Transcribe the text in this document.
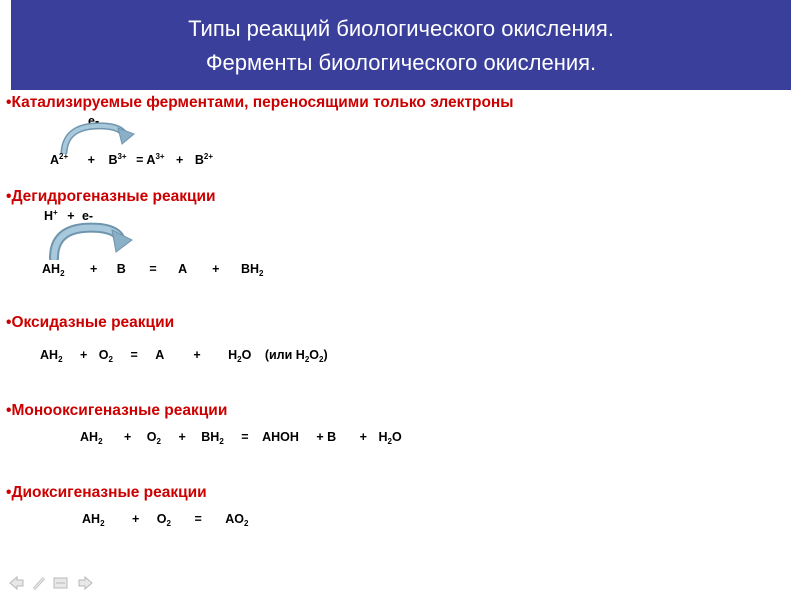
Типы реакций биологического окисления.
Ферменты биологического окисления.
•Катализируемые ферментами, переносящими только электроны
е-
$A^{2+} + B^{3+} = A^{3+} + B^{2+}$
•Дегидрогеназные реакции
H+ + е-
$AH_2 + B = A + BH_2$
•Оксидазные реакции
$AH_2 + O_2 = A + H_2O$ (или $H_2O_2$)
•Монооксигеназные реакции
$AH_2 + O_2 + BH_2$ = AHOH + $B + H_2O$
•Диоксигеназные реакции
$AH_2 + O_2 = AO_2$
